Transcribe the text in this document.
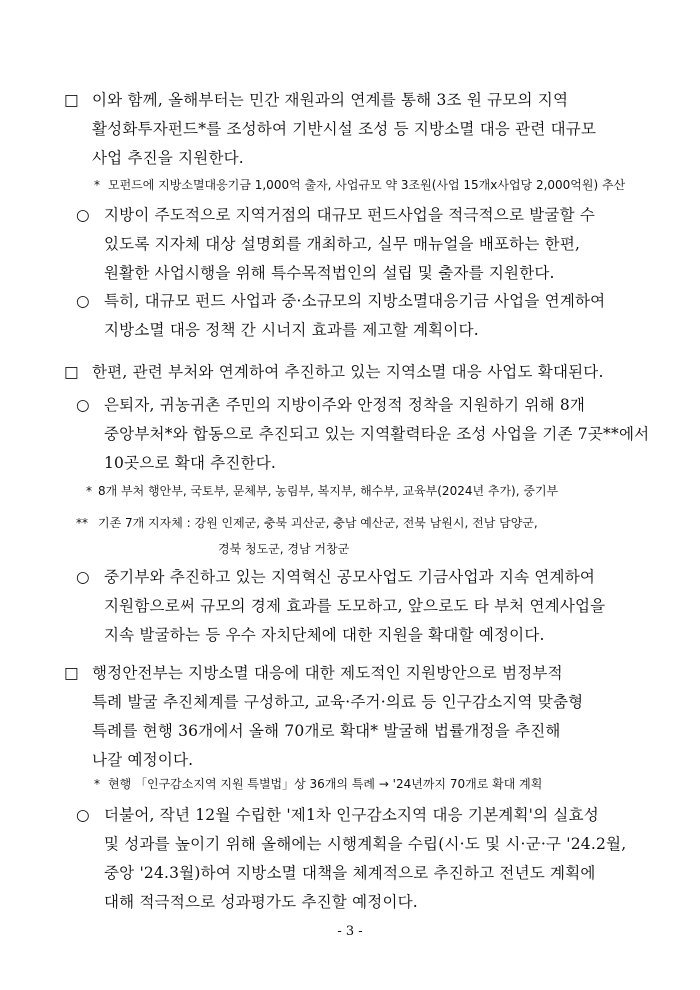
□ 이와 함께, 올해부터는 민간 재원과의 연계를 통해 3조 원 규모의 지역
활성화투자펀드*를 조성하여 기반시설 조성 등 지방소멸 대응 관련 대규모
사업 추진을 지원한다.
* 모펀드에 지방소멸대응기금 1,000억 출자, 사업규모 약 3조원(사업 15개x사업당 2,000억원) 추산
○ 지방이 주도적으로 지역거점의 대규모 펀드사업을 적극적으로 발굴할 수
있도록 지자체 대상 설명회를 개최하고, 실무 매뉴얼을 배포하는 한편,
원활한 사업시행을 위해 특수목적법인의 설립 및 출자를 지원한다.
○ 특히, 대규모 펀드 사업과 중·소규모의 지방소멸대응기금 사업을 연계하여
지방소멸 대응 정책 간 시너지 효과를 제고할 계획이다.
□ 한편, 관련 부처와 연계하여 추진하고 있는 지역소멸 대응 사업도 확대된다.
○ 은퇴자, 귀농귀촌 주민의 지방이주와 안정적 정착을 지원하기 위해 8개
중앙부처*와 합동으로 추진되고 있는 지역활력타운 조성 사업을 기존 7곳**에서
10곳으로 확대 추진한다.
* 8개 부처 행안부, 국토부, 문체부, 농림부, 복지부, 해수부, 교육부(2024년 추가), 중기부
** 기존 7개 지자체 : 강원 인제군, 충북 괴산군, 충남 예산군, 전북 남원시, 전남 담양군,
경북 청도군, 경남 거창군
○ 중기부와 추진하고 있는 지역혁신 공모사업도 기금사업과 지속 연계하여
지원함으로써 규모의 경제 효과를 도모하고, 앞으로도 타 부처 연계사업을
지속 발굴하는 등 우수 자치단체에 대한 지원을 확대할 예정이다.
□ 행정안전부는 지방소멸 대응에 대한 제도적인 지원방안으로 범정부적
특례 발굴 추진체계를 구성하고, 교육·주거·의료 등 인구감소지역 맞춤형
특례를 현행 36개에서 올해 70개로 확대* 발굴해 법률개정을 추진해
나갈 예정이다.
* 현행 「인구감소지역 지원 특별법」상 36개의 특례 → '24년까지 70개로 확대 계획
○ 더불어, 작년 12월 수립한 '제1차 인구감소지역 대응 기본계획'의 실효성
및 성과를 높이기 위해 올해에는 시행계획을 수립(시·도 및 시·군·구 '24.2월,
중앙 '24.3월)하여 지방소멸 대책을 체계적으로 추진하고 전년도 계획에
대해 적극적으로 성과평가도 추진할 예정이다.
- 3 -
